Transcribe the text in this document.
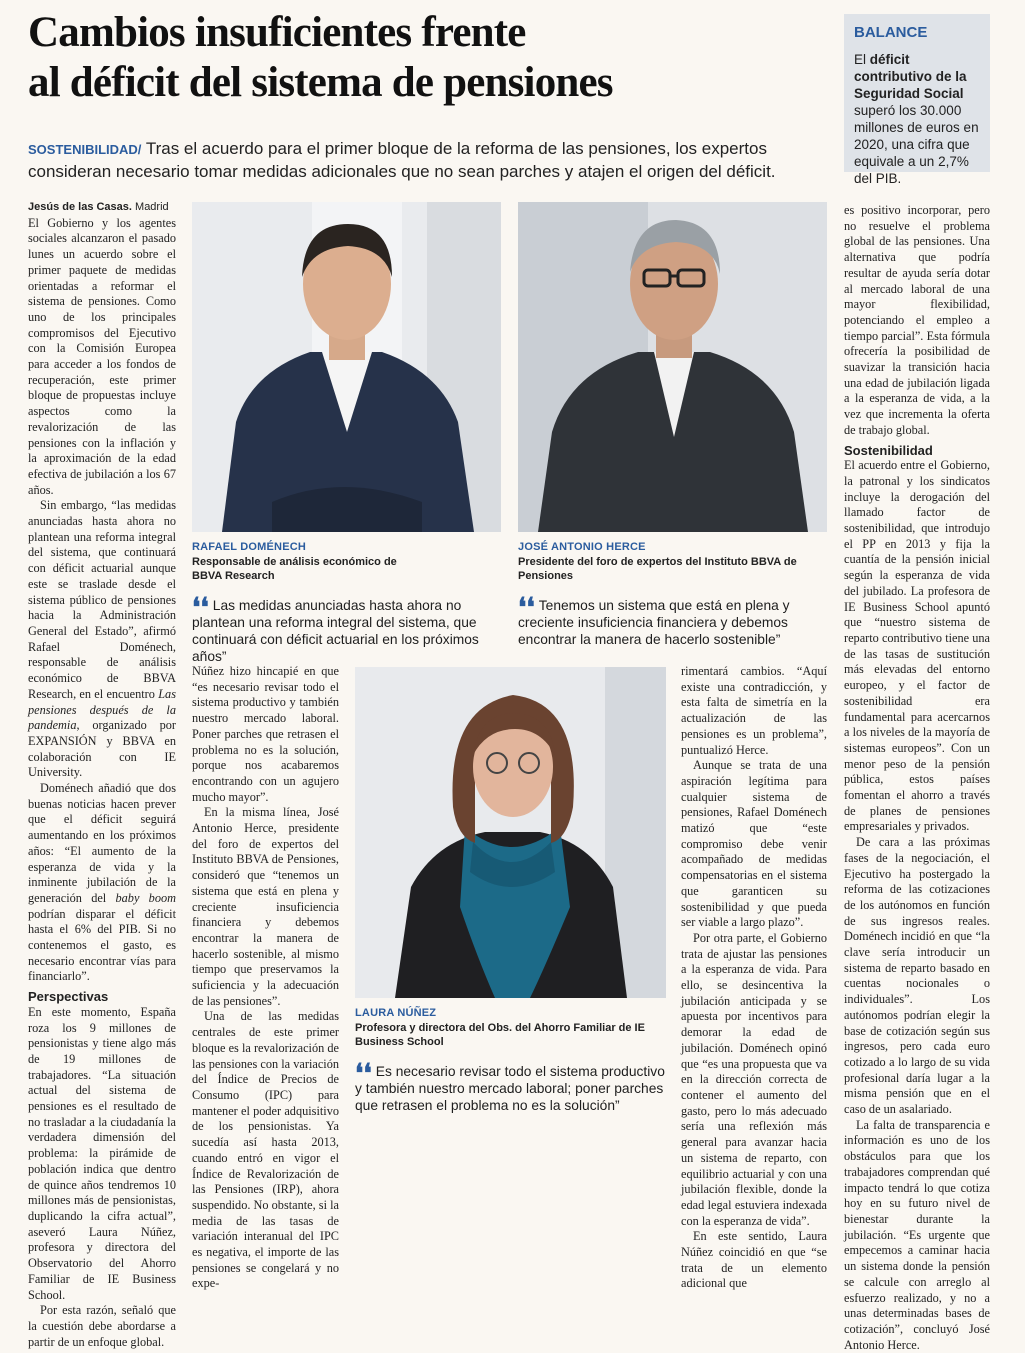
Cambios insuficientes frente
al déficit del sistema de pensiones
BALANCE
El déficit contributivo de la Seguridad Social superó los 30.000 millones de euros en 2020, una cifra que equivale a un 2,7% del PIB.
SOSTENIBILIDAD/ Tras el acuerdo para el primer bloque de la reforma de las pensiones, los expertos consideran necesario tomar medidas adicionales que no sean parches y atajen el origen del déficit.

Jesús de las Casas. Madrid

El Gobierno y los agentes sociales alcanzaron el pasado lunes un acuerdo sobre el primer paquete de medidas orientadas a reformar el sistema de pensiones. Como uno de los principales compromisos del Ejecutivo con la Comisión Europea para acceder a los fondos de recuperación, este primer bloque de propuestas incluye aspectos como la revalorización de las pensiones con la inflación y la aproximación de la edad efectiva de jubilación a los 67 años.

Sin embargo, “las medidas anunciadas hasta ahora no plantean una reforma integral del sistema, que continuará con déficit actuarial aunque este se traslade desde el sistema público de pensiones hacia la Administración General del Estado”, afirmó Rafael Doménech, responsable de análisis económico de BBVA Research, en el encuentro Las pensiones después de la pandemia, organizado por EXPANSIÓN y BBVA en colaboración con IE University.

Doménech añadió que dos buenas noticias hacen prever que el déficit seguirá aumentando en los próximos años: “El aumento de la esperanza de vida y la inminente jubilación de la generación del baby boom podrían disparar el déficit hasta el 6% del PIB. Si no contenemos el gasto, es necesario encontrar vías para financiarlo”.

Perspectivas

En este momento, España roza los 9 millones de pensionistas y tiene algo más de 19 millones de trabajadores. “La situación actual del sistema de pensiones es el resultado de no trasladar a la ciudadanía la verdadera dimensión del problema: la pirámide de población indica que dentro de quince años tendremos 10 millones más de pensionistas, duplicando la cifra actual”, aseveró Laura Núñez, profesora y directora del Observatorio del Ahorro Familiar de IE Business School.

Por esta razón, señaló que la cuestión debe abordarse a partir de un enfoque global.

RAFAEL DOMÉNECH
Responsable de análisis económico de BBVA Research
❛❛ Las medidas anunciadas hasta ahora no plantean una reforma integral del sistema, que continuará con déficit actuarial en los próximos años”
JOSÉ ANTONIO HERCE
Presidente del foro de expertos del Instituto BBVA de Pensiones
❛❛ Tenemos un sistema que está en plena y creciente insuficiencia financiera y debemos encontrar la manera de hacerlo sostenible”

Núñez hizo hincapié en que “es necesario revisar todo el sistema productivo y también nuestro mercado laboral. Poner parches que retrasen el problema no es la solución, porque nos acabaremos encontrando con un agujero mucho mayor”.

En la misma línea, José Antonio Herce, presidente del foro de expertos del Instituto BBVA de Pensiones, consideró que “tenemos un sistema que está en plena y creciente insuficiencia financiera y debemos encontrar la manera de hacerlo sostenible, al mismo tiempo que preservamos la suficiencia y la adecuación de las pensiones”.

Una de las medidas centrales de este primer bloque es la revalorización de las pensiones con la variación del Índice de Precios de Consumo (IPC) para mantener el poder adquisitivo de los pensionistas. Ya sucedía así hasta 2013, cuando entró en vigor el Índice de Revalorización de las Pensiones (IRP), ahora suspendido. No obstante, si la media de las tasas de variación interanual del IPC es negativa, el importe de las pensiones se congelará y no expe-

LAURA NÚÑEZ
Profesora y directora del Obs. del Ahorro Familiar de IE Business School
❛❛ Es necesario revisar todo el sistema productivo y también nuestro mercado laboral; poner parches que retrasen el problema no es la solución”

rimentará cambios. “Aquí existe una contradicción, y esta falta de simetría en la actualización de las pensiones es un problema”, puntualizó Herce.

Aunque se trata de una aspiración legítima para cualquier sistema de pensiones, Rafael Doménech matizó que “este compromiso debe venir acompañado de medidas compensatorias en el sistema que garanticen su sostenibilidad y que pueda ser viable a largo plazo”.

Por otra parte, el Gobierno trata de ajustar las pensiones a la esperanza de vida. Para ello, se desincentiva la jubilación anticipada y se apuesta por incentivos para demorar la edad de jubilación. Doménech opinó que “es una propuesta que va en la dirección correcta de contener el aumento del gasto, pero lo más adecuado sería una reflexión más general para avanzar hacia un sistema de reparto, con equilibrio actuarial y con una jubilación flexible, donde la edad legal estuviera indexada con la esperanza de vida”.

En este sentido, Laura Núñez coincidió en que “se trata de un elemento adicional que

es positivo incorporar, pero no resuelve el problema global de las pensiones. Una alternativa que podría resultar de ayuda sería dotar al mercado laboral de una mayor flexibilidad, potenciando el empleo a tiempo parcial”. Esta fórmula ofrecería la posibilidad de suavizar la transición hacia una edad de jubilación ligada a la esperanza de vida, a la vez que incrementa la oferta de trabajo global.

Sostenibilidad

El acuerdo entre el Gobierno, la patronal y los sindicatos incluye la derogación del llamado factor de sostenibilidad, que introdujo el PP en 2013 y fija la cuantía de la pensión inicial según la esperanza de vida del jubilado. La profesora de IE Business School apuntó que “nuestro sistema de reparto contributivo tiene una de las tasas de sustitución más elevadas del entorno europeo, y el factor de sostenibilidad era fundamental para acercarnos a los niveles de la mayoría de sistemas europeos”. Con un menor peso de la pensión pública, estos países fomentan el ahorro a través de planes de pensiones empresariales y privados.

De cara a las próximas fases de la negociación, el Ejecutivo ha postergado la reforma de las cotizaciones de los autónomos en función de sus ingresos reales. Doménech incidió en que “la clave sería introducir un sistema de reparto basado en cuentas nocionales o individuales”. Los autónomos podrían elegir la base de cotización según sus ingresos, pero cada euro cotizado a lo largo de su vida profesional daría lugar a la misma pensión que en el caso de un asalariado.

La falta de transparencia e información es uno de los obstáculos para que los trabajadores comprendan qué impacto tendrá lo que cotiza hoy en su futuro nivel de bienestar durante la jubilación. “Es urgente que empecemos a caminar hacia un sistema donde la pensión se calcule con arreglo al esfuerzo realizado, y no a unas determinadas bases de cotización”, concluyó José Antonio Herce.
